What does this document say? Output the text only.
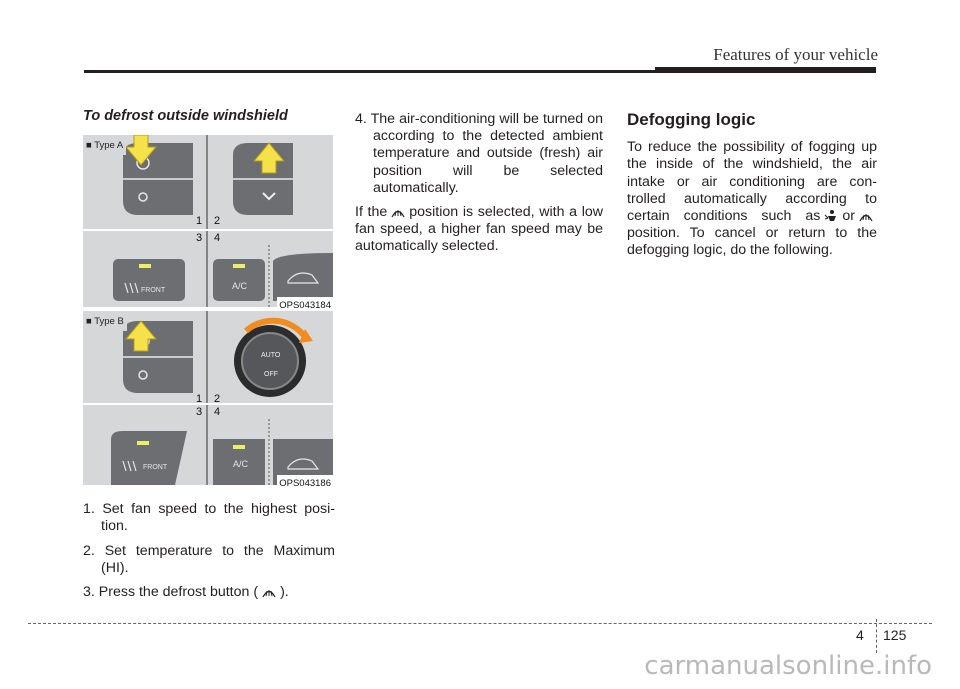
Features of your vehicle
To defrost outside windshield
■ Type A
1 2
FRONT	A/C
3 4
OPS043184
■ Type B
AUTO
OFF
1 2
FRONT	A/C
3 4
OPS043186
1. Set fan speed to the highest posi- tion.
2. Set temperature to the Maximum (HI).
3. Press the defrost button ( ).
4. The air-conditioning will be turned on according to the detected ambient temperature and outside (fresh) air position will be selected automatically.
If the position is selected, with a low fan speed, a higher fan speed may be automatically selected.
Defogging logic
To reduce the possibility of fogging up the inside of the windshield, the air intake or air conditioning are con- trolled automatically according to certain conditions such as or position. To cancel or return to the defogging logic, do the following.
4 125
carmanualsonline.info
